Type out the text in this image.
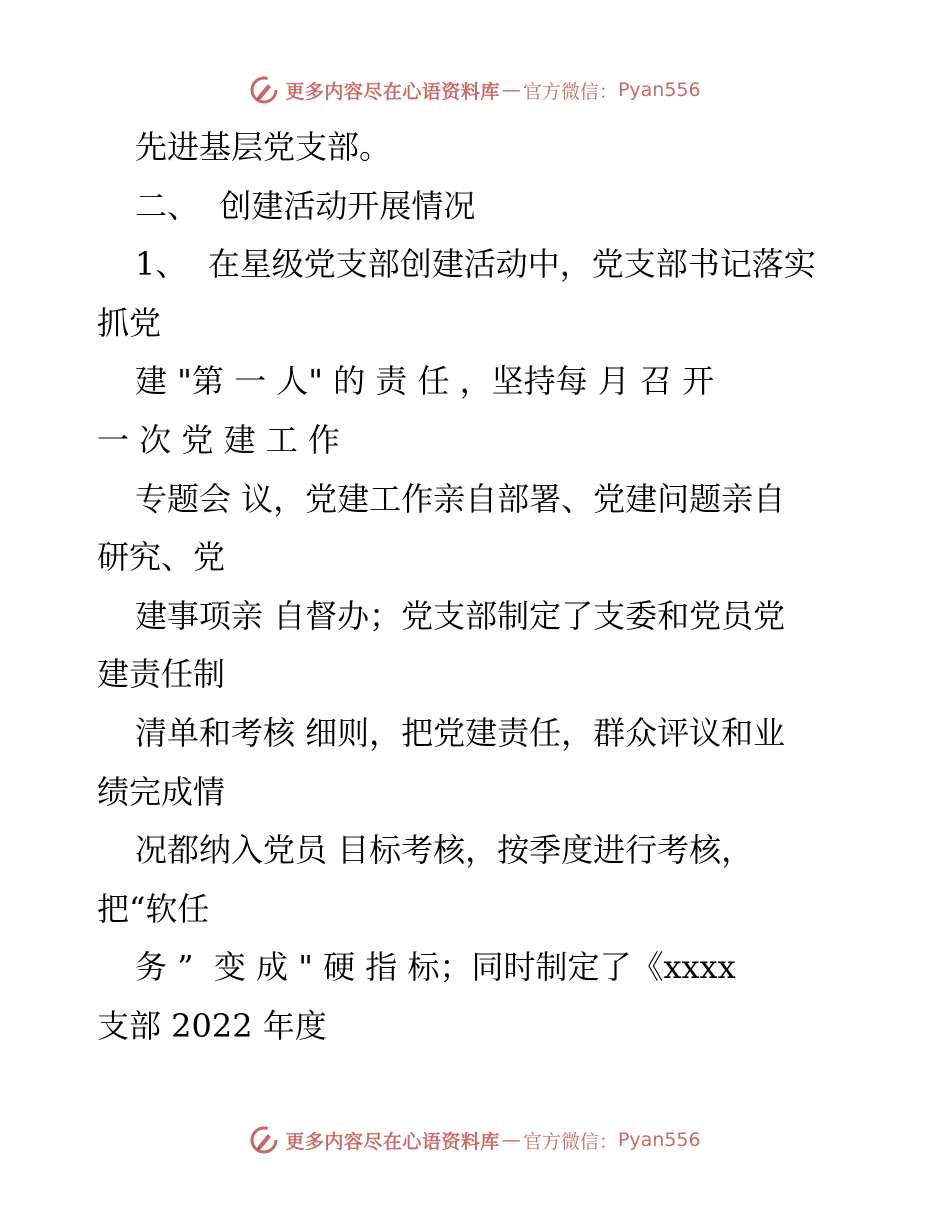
更多内容尽在心语资料库 — 官方微信： Pyan556
先进基层党支部。
二、  创建活动开展情况
1、  在星级党支部创建活动中，党支部书记落实
抓党
建 "第 一 人" 的 责 任 ，坚持每 月 召 开
一 次 党 建 工 作
专题会 议，党建工作亲自部署、党建问题亲自
研究、党
建事项亲 自督办；党支部制定了支委和党员党
建责任制
清单和考核 细则，把党建责任，群众评议和业
绩完成情
况都纳入党员 目标考核，按季度进行考核，
把“软任
务 ”  变 成 " 硬 指 标；同时制定了《xxxx
支部 2022 年度
更多内容尽在心语资料库 — 官方微信： Pyan556
